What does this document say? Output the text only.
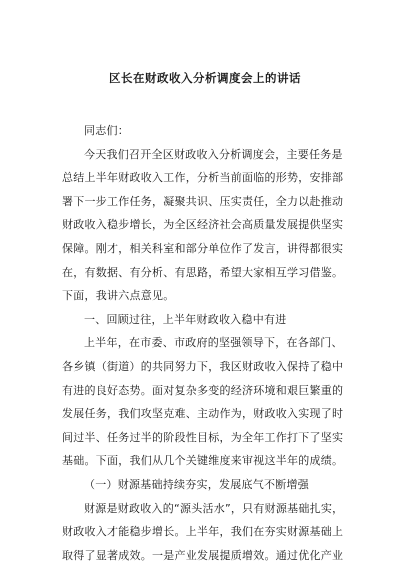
区长在财政收入分析调度会上的讲话
同志们：
今天我们召开全区财政收入分析调度会，主要任务是
总结上半年财政收入工作，分析当前面临的形势，安排部
署下一步工作任务，凝聚共识、压实责任，全力以赴推动
财政收入稳步增长，为全区经济社会高质量发展提供坚实
保障。刚才，相关科室和部分单位作了发言，讲得都很实
在，有数据、有分析、有思路，希望大家相互学习借鉴。
下面，我讲六点意见。
一、回顾过往，上半年财政收入稳中有进
上半年，在市委、市政府的坚强领导下，在各部门、
各乡镇（街道）的共同努力下，我区财政收入保持了稳中
有进的良好态势。面对复杂多变的经济环境和艰巨繁重的
发展任务，我们攻坚克难、主动作为，财政收入实现了时
间过半、任务过半的阶段性目标，为全年工作打下了坚实
基础。下面，我们从几个关键维度来审视这半年的成绩。
（一）财源基础持续夯实，发展底气不断增强
财源是财政收入的“源头活水”，只有财源基础扎实，
财政收入才能稳步增长。上半年，我们在夯实财源基础上
取得了显著成效。一是产业发展提质增效。通过优化产业
